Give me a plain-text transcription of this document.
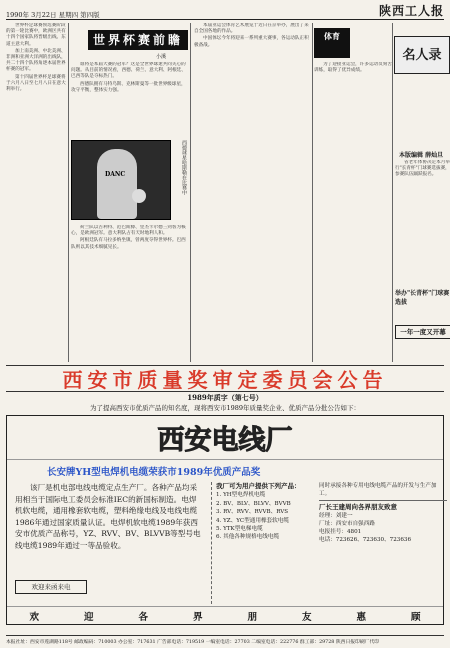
1990年 3月22日 星期四 第四版	陕西工人报

世界杯足球赛预选赛阶段的第一轮比赛中，欧洲区共有十四个国家队将晋级出线。东道主意大利。

加上南美洲、中北美洲、非洲和亚洲大洋洲的出线队，共二十四个队将角逐本届世界杯赛的冠军。

第十四届世界杯足球赛将于六月八日至七月八日在意大利举行。

世界杯赛前瞻
小溪

谁将是本届大赛的冠军？这是全世界球迷共同关心的问题。从目前的情况看，西德、荷兰、意大利、阿根廷、巴西等队是夺标热门。

西德队拥有马特乌斯、克林斯曼等一批世界级球星，攻守平衡，整体实力强。

DANC	西德球星哈斯勒在比赛中

荷兰队以古利特、范巴斯滕、里杰卡尔德三剑客为核心，是欧洲冠军。意大利队占有天时地利人和。

阿根廷队有马拉多纳坐镇，曾两度夺得世界杯。巴西队则以其技术细腻见长。

本届亚运会体育艺术展览于近日在京举办，展出了来自全国各地的作品。

中国体坛今年将迎来一系列重大赛事，各运动队正积极备战。

体育

为了迎接亚运会，许多运动员刻苦训练，取得了优异成绩。

名人录
本版编辑 薛灿旦
举办"长青杯"门球赛选拔

省老年体协决定本月举行"长青杯"门球赛选拔赛，参赛队伍踊跃报名。

一年一度又开幕
西安市质量奖审定委员会公告
1989年质字（第七号）
为了提高西安市优质产品的知名度，现将西安市1989年质量奖企业、优质产品分批公告如下：
西安电线厂
长安牌YH型电焊机电缆荣获市1989年优质产品奖
该厂是机电部电线电缆定点生产厂。各种产品均采用相当于国际电工委员会标准IEC的新国标制造。电焊机软电缆，通用橡套软电缆，塑料绝缘电线及电线电缆1986年通过国家质量认证。电焊机软电缆1989年获西安市优质产品称号，YZ、RVV、BV、BLVVB等型号电线电缆1989年通过一等品验收。
欢迎来函来电
我厂可为用户提供下列产品：
1. YH型电焊机电缆
2. BV、BLV、BLVV、BVVB
3. RV、RVV、RVVB、RVS
4. YZ、YC型通用橡套软电缆
5. YTK型电梯电缆
6. 其他各种规格电线电缆
同时承接各种专用电线电缆产品的开发与生产加工。
厂长王建周向各界朋友致意
经理：刘建一
厂址：西安市自强西路
电报挂号：4801
电话：723626、723630、723636
欢	迎	各	界	朋	友	惠	顾
本报社址：西安市莲湖路118号 邮政编码：710003 办公室：717631 广告部电话：719519 一编室电话：27703 二编室电话：222776 群工部：29728 陕西日报印刷厂代印
